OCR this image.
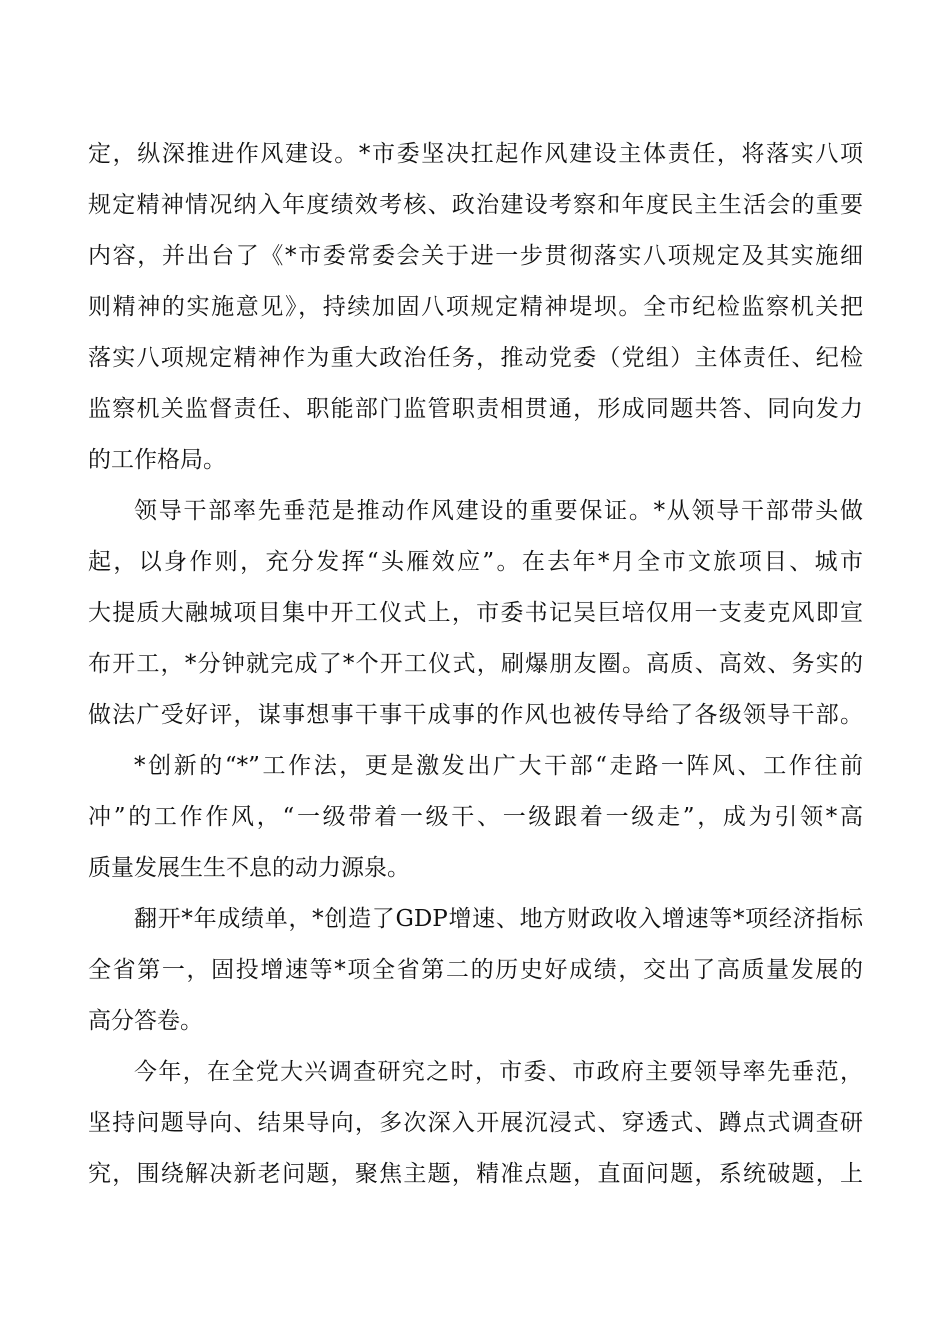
定，纵深推进作风建设。*市委坚决扛起作风建设主体责任，将落实八项
规定精神情况纳入年度绩效考核、政治建设考察和年度民主生活会的重要
内容，并出台了《*市委常委会关于进一步贯彻落实八项规定及其实施细
则精神的实施意见》，持续加固八项规定精神堤坝。全市纪检监察机关把
落实八项规定精神作为重大政治任务，推动党委（党组）主体责任、纪检
监察机关监督责任、职能部门监管职责相贯通，形成同题共答、同向发力
的工作格局。
领导干部率先垂范是推动作风建设的重要保证。*从领导干部带头做
起，以身作则，充分发挥“头雁效应”。在去年*月全市文旅项目、城市
大提质大融城项目集中开工仪式上，市委书记吴巨培仅用一支麦克风即宣
布开工，*分钟就完成了*个开工仪式，刷爆朋友圈。高质、高效、务实的
做法广受好评，谋事想事干事干成事的作风也被传导给了各级领导干部。
*创新的“*”工作法，更是激发出广大干部“走路一阵风、工作往前
冲”的工作作风，“一级带着一级干、一级跟着一级走”，成为引领*高
质量发展生生不息的动力源泉。
翻开*年成绩单，*创造了GDP增速、地方财政收入增速等*项经济指标
全省第一，固投增速等*项全省第二的历史好成绩，交出了高质量发展的
高分答卷。
今年，在全党大兴调查研究之时，市委、市政府主要领导率先垂范，
坚持问题导向、结果导向，多次深入开展沉浸式、穿透式、蹲点式调查研
究，围绕解决新老问题，聚焦主题，精准点题，直面问题，系统破题，上
